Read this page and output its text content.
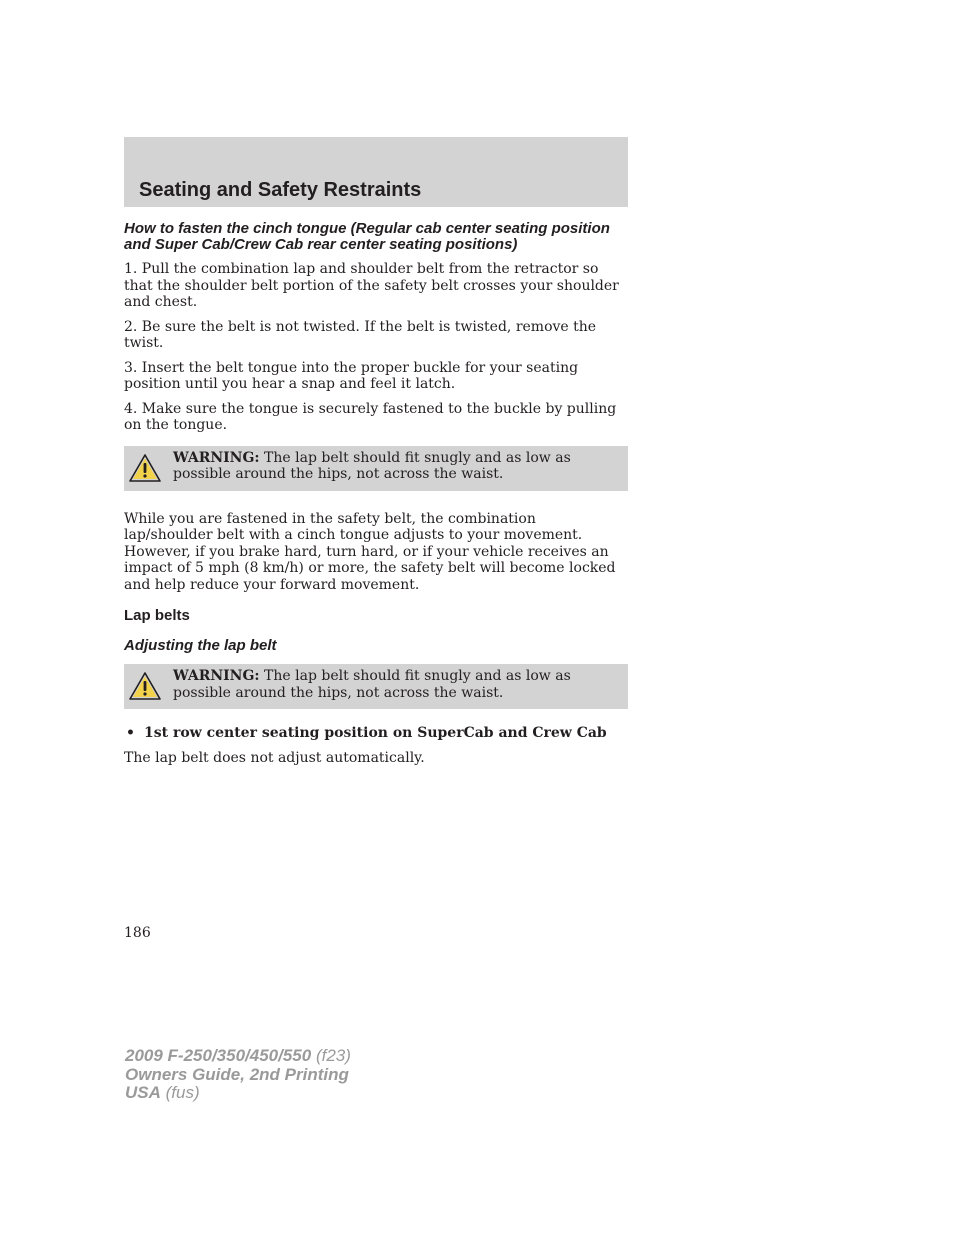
Seating and Safety Restraints
How to fasten the cinch tongue (Regular cab center seating position and Super Cab/Crew Cab rear center seating positions)

1. Pull the combination lap and shoulder belt from the retractor so that the shoulder belt portion of the safety belt crosses your shoulder and chest.

2. Be sure the belt is not twisted. If the belt is twisted, remove the twist.

3. Insert the belt tongue into the proper buckle for your seating position until you hear a snap and feel it latch.

4. Make sure the tongue is securely fastened to the buckle by pulling on the tongue.

WARNING: The lap belt should fit snugly and as low as possible around the hips, not across the waist.

While you are fastened in the safety belt, the combination lap/shoulder belt with a cinch tongue adjusts to your movement. However, if you brake hard, turn hard, or if your vehicle receives an impact of 5 mph (8 km/h) or more, the safety belt will become locked and help reduce your forward movement.

Lap belts
Adjusting the lap belt

WARNING: The lap belt should fit snugly and as low as possible around the hips, not across the waist.

• 1st row center seating position on SuperCab and Crew Cab

The lap belt does not adjust automatically.

186
2009 F-250/350/450/550 (f23)
Owners Guide, 2nd Printing
USA (fus)
